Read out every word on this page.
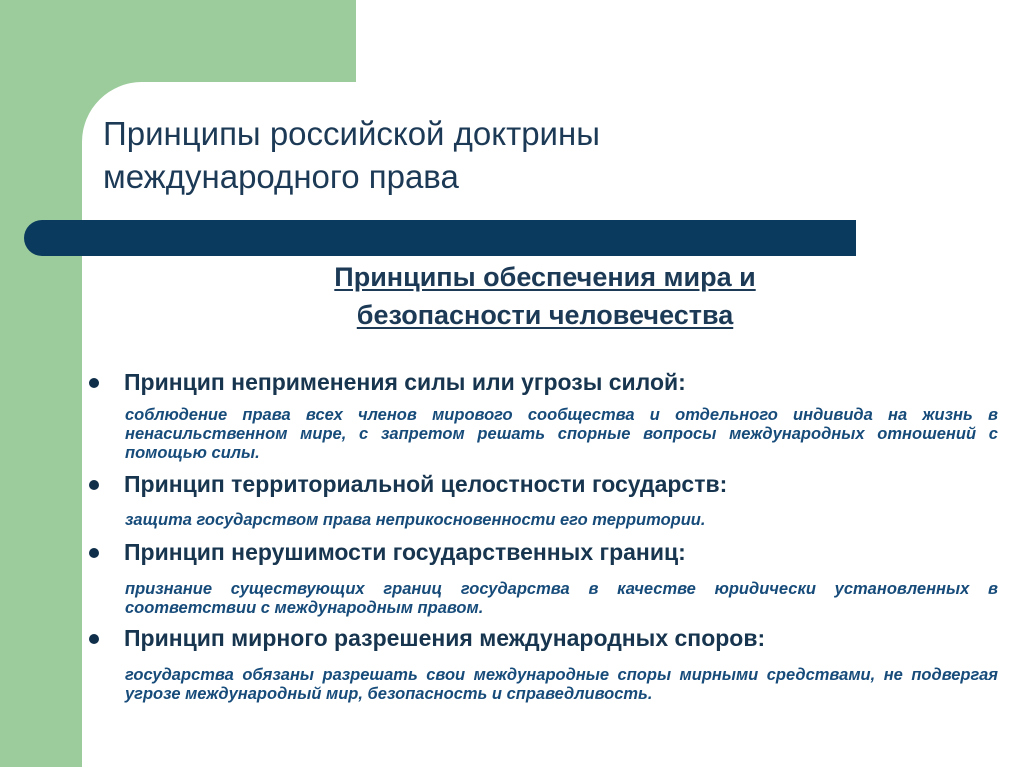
Принципы российской доктрины
международного права
Принципы обеспечения мира и
безопасности человечества
Принцип неприменения силы или угрозы силой:

соблюдение права всех членов мирового сообщества и отдельного индивида на жизнь в ненасильственном мире, с запретом решать спорные вопросы международных отношений с помощью силы.

Принцип территориальной целостности государств:

защита государством права неприкосновенности его территории.

Принцип нерушимости государственных границ:

признание существующих границ государства в качестве юридически установленных в соответствии с международным правом.

Принцип мирного разрешения международных споров:

государства обязаны разрешать свои международные споры мирными средствами, не подвергая угрозе международный мир, безопасность и справедливость.
